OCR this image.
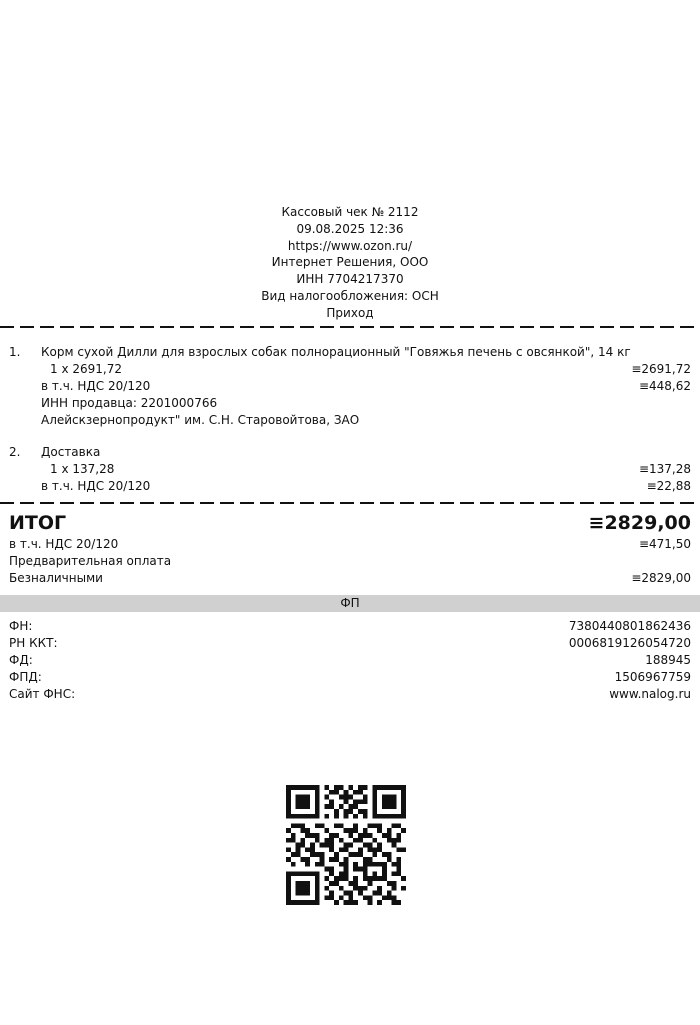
Кассовый чек № 2112
09.08.2025 12:36
https://www.ozon.ru/
Интернет Решения, ООО
ИНН 7704217370
Вид налогообложения: ОСН
Приход
1. Корм сухой Дилли для взрослых собак полнорационный "Говяжья печень с овсянкой", 14 кг
1 x 2691,72	≡2691,72
в т.ч. НДС 20/120	≡448,62
ИНН продавца: 2201000766
Алейскзернопродукт" им. С.Н. Старовойтова, ЗАО
2. Доставка
1 x 137,28	≡137,28
в т.ч. НДС 20/120	≡22,88
ИТОГ	≡2829,00
в т.ч. НДС 20/120	≡471,50
Предварительная оплата
Безналичными	≡2829,00
ФП
ФН:	7380440801862436
РН ККТ:	0006819126054720
ФД:	188945
ФПД:	1506967759
Сайт ФНС:	www.nalog.ru
